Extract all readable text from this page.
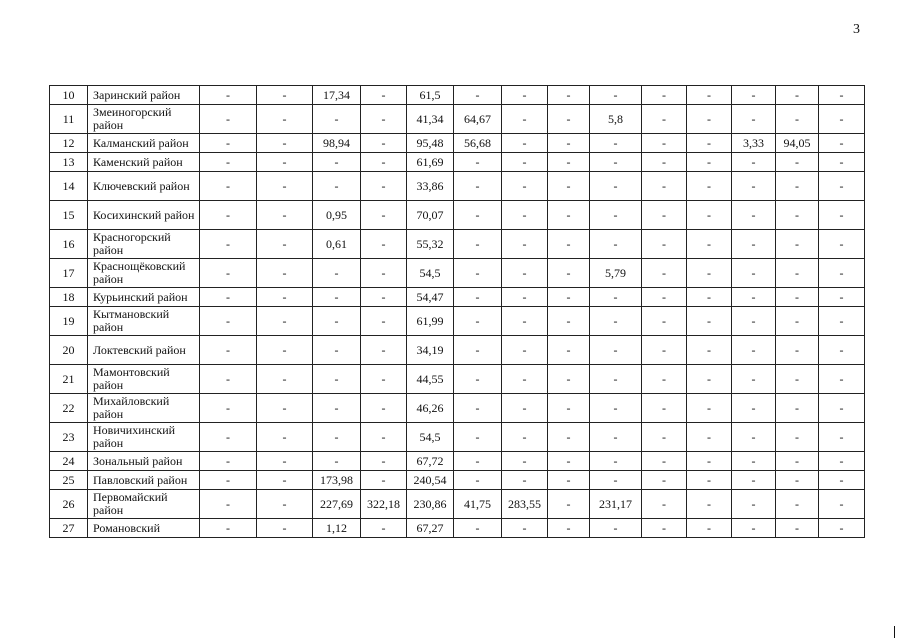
3
10	Заринский район	-	-	17,34	-	61,5	-	-	-	-	-	-	-	-	-
11	Змеиногорский район	-	-	-	-	41,34	64,67	-	-	5,8	-	-	-	-	-
12	Калманский район	-	-	98,94	-	95,48	56,68	-	-	-	-	-	3,33	94,05	-
13	Каменский район	-	-	-	-	61,69	-	-	-	-	-	-	-	-	-
14	Ключевский район	-	-	-	-	33,86	-	-	-	-	-	-	-	-	-
15	Косихинский район	-	-	0,95	-	70,07	-	-	-	-	-	-	-	-	-
16	Красногорский район	-	-	0,61	-	55,32	-	-	-	-	-	-	-	-	-
17	Краснощёковский район	-	-	-	-	54,5	-	-	-	5,79	-	-	-	-	-
18	Курьинский район	-	-	-	-	54,47	-	-	-	-	-	-	-	-	-
19	Кытмановский район	-	-	-	-	61,99	-	-	-	-	-	-	-	-	-
20	Локтевский район	-	-	-	-	34,19	-	-	-	-	-	-	-	-	-
21	Мамонтовский район	-	-	-	-	44,55	-	-	-	-	-	-	-	-	-
22	Михайловский район	-	-	-	-	46,26	-	-	-	-	-	-	-	-	-
23	Новичихинский район	-	-	-	-	54,5	-	-	-	-	-	-	-	-	-
24	Зональный район	-	-	-	-	67,72	-	-	-	-	-	-	-	-	-
25	Павловский район	-	-	173,98	-	240,54	-	-	-	-	-	-	-	-	-
26	Первомайский район	-	-	227,69	322,18	230,86	41,75	283,55	-	231,17	-	-	-	-	-
27	Романовский	-	-	1,12	-	67,27	-	-	-	-	-	-	-	-	-
